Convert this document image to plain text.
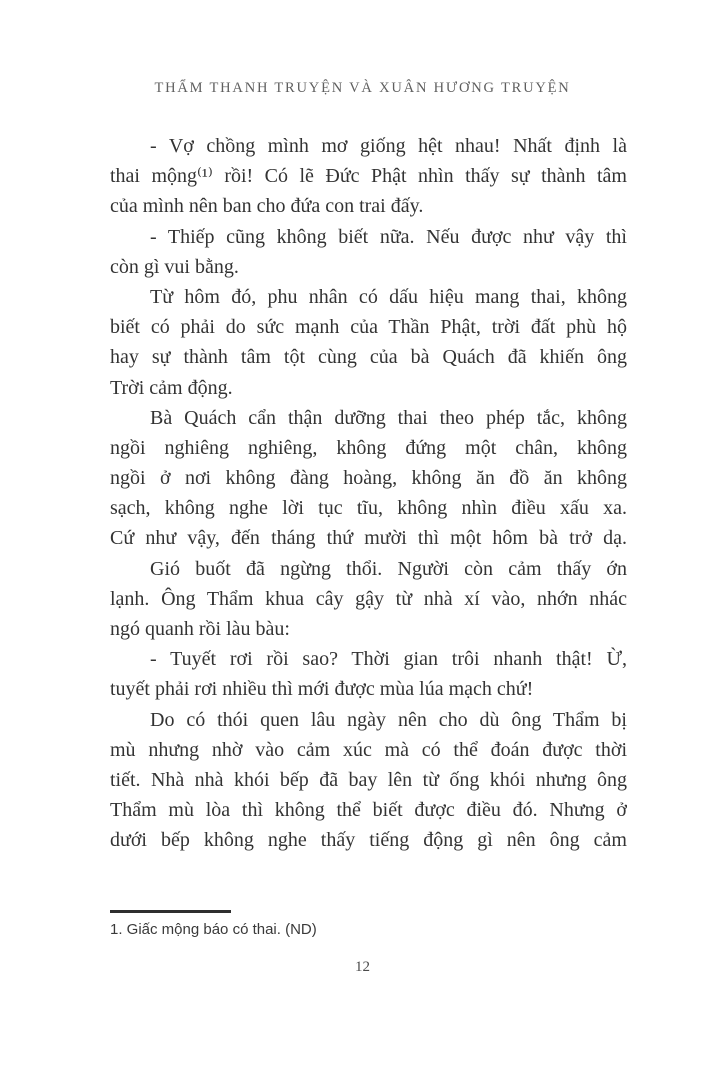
THẨM THANH TRUYỆN VÀ XUÂN HƯƠNG TRUYỆN
- Vợ chồng mình mơ giống hệt nhau! Nhất định là
thai mộng⁽¹⁾ rồi! Có lẽ Đức Phật nhìn thấy sự thành tâm
của mình nên ban cho đứa con trai đấy.
- Thiếp cũng không biết nữa. Nếu được như vậy thì
còn gì vui bằng.
Từ hôm đó, phu nhân có dấu hiệu mang thai, không
biết có phải do sức mạnh của Thần Phật, trời đất phù hộ
hay sự thành tâm tột cùng của bà Quách đã khiến ông
Trời cảm động.
Bà Quách cẩn thận dưỡng thai theo phép tắc, không
ngồi nghiêng nghiêng, không đứng một chân, không
ngồi ở nơi không đàng hoàng, không ăn đồ ăn không
sạch, không nghe lời tục tĩu, không nhìn điều xấu xa.
Cứ như vậy, đến tháng thứ mười thì một hôm bà trở dạ.
Gió buốt đã ngừng thổi. Người còn cảm thấy ớn
lạnh. Ông Thẩm khua cây gậy từ nhà xí vào, nhớn nhác
ngó quanh rồi làu bàu:
- Tuyết rơi rồi sao? Thời gian trôi nhanh thật! Ừ,
tuyết phải rơi nhiều thì mới được mùa lúa mạch chứ!
Do có thói quen lâu ngày nên cho dù ông Thẩm bị
mù nhưng nhờ vào cảm xúc mà có thể đoán được thời
tiết. Nhà nhà khói bếp đã bay lên từ ống khói nhưng ông
Thẩm mù lòa thì không thể biết được điều đó. Nhưng ở
dưới bếp không nghe thấy tiếng động gì nên ông cảm
1. Giấc mộng báo có thai. (ND)
12
